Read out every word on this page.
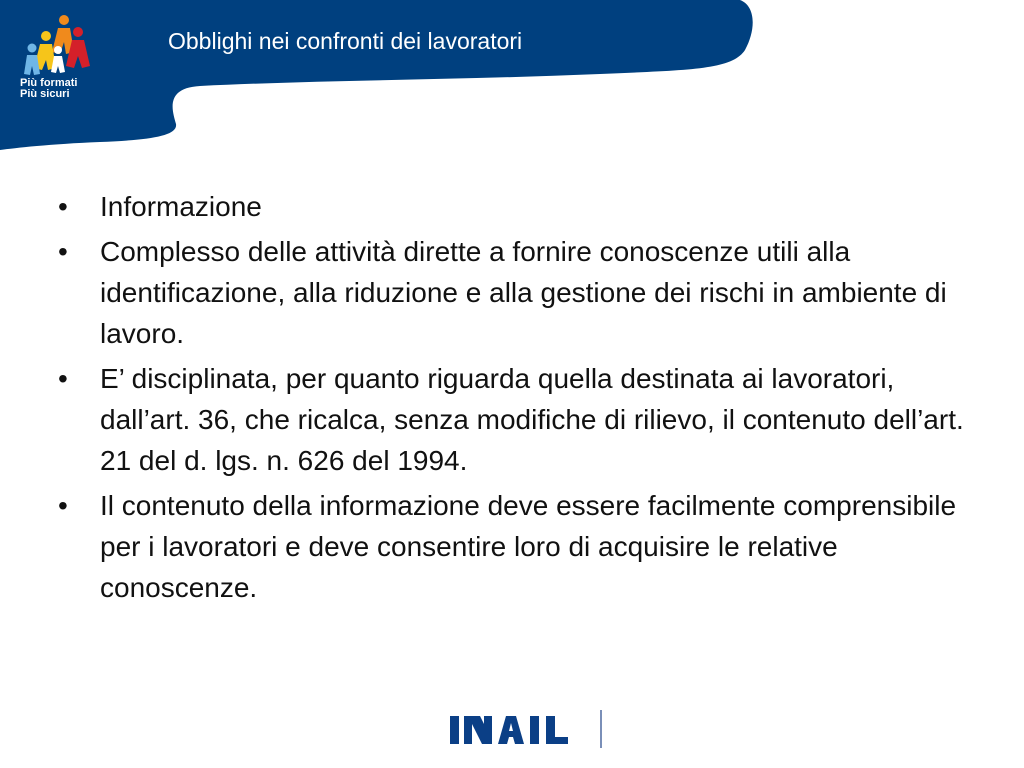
Più formati
Più sicuri
Obblighi nei confronti dei lavoratori
•	Informazione
•	Complesso delle attività dirette a fornire conoscenze utili alla identificazione, alla riduzione e alla gestione dei rischi in ambiente di lavoro.
•	E’ disciplinata, per quanto riguarda quella destinata ai lavoratori, dall’art. 36, che ricalca, senza modifiche di rilievo, il contenuto dell’art. 21 del d. lgs. n. 626 del 1994.
•	Il contenuto della informazione deve essere facilmente comprensibile per i lavoratori e deve consentire loro di acquisire le relative conoscenze.
